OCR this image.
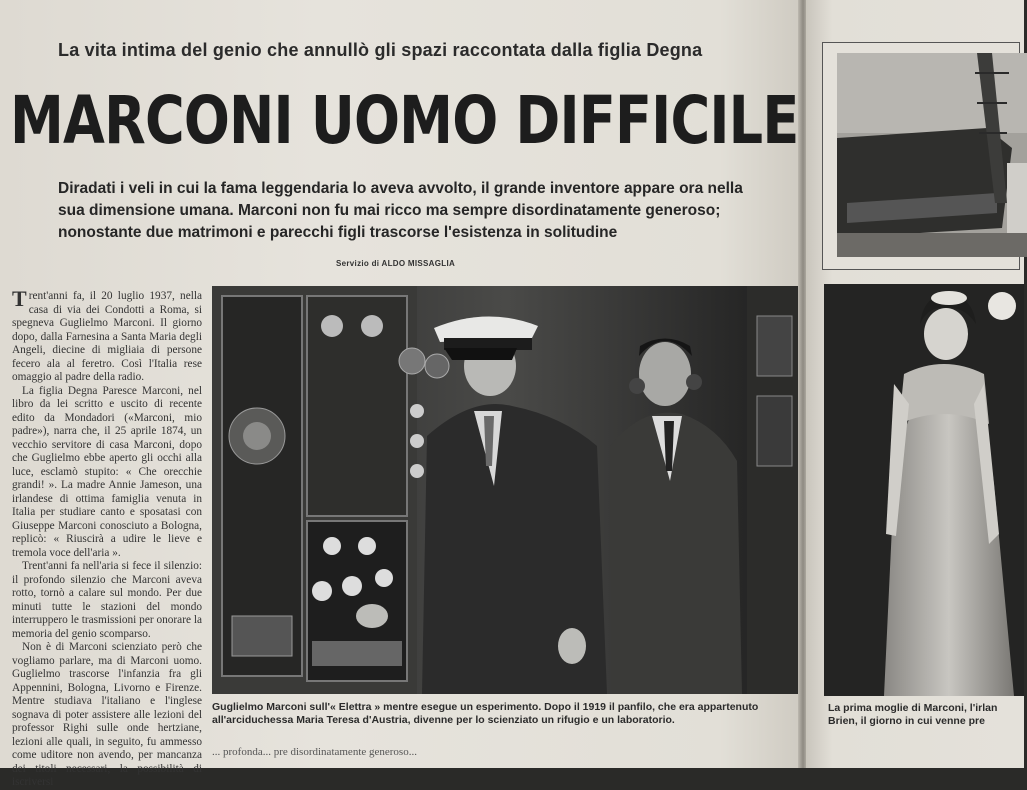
La vita intima del genio che annullò gli spazi raccontata dalla figlia Degna
MARCONI UOMO DIFFICILE
Diradati i veli in cui la fama leggendaria lo aveva avvolto, il grande inventore appare ora nella sua dimensione umana. Marconi non fu mai ricco ma sempre disordinatamente generoso; nonostante due matrimoni e parecchi figli trascorse l'esistenza in solitudine
Servizio di ALDO MISSAGLIA

Trent'anni fa, il 20 luglio 1937, nella casa di via dei Condotti a Roma, si spegneva Guglielmo Marconi. Il giorno dopo, dalla Farnesina a Santa Maria degli Angeli, diecine di migliaia di persone fecero ala al feretro. Così l'Italia rese omaggio al padre della radio.

La figlia Degna Paresce Marconi, nel libro da lei scritto e uscito di recente edito da Mondadori («Marconi, mio padre»), narra che, il 25 aprile 1874, un vecchio servitore di casa Marconi, dopo che Guglielmo ebbe aperto gli occhi alla luce, esclamò stupito: « Che orecchie grandi! ». La madre Annie Jameson, una irlandese di ottima famiglia venuta in Italia per studiare canto e sposatasi con Giuseppe Marconi conosciuto a Bologna, replicò: « Riuscirà a udire le lieve e tremola voce dell'aria ».

Trent'anni fa nell'aria si fece il silenzio: il profondo silenzio che Marconi aveva rotto, tornò a calare sul mondo. Per due minuti tutte le stazioni del mondo interruppero le trasmissioni per onorare la memoria del genio scomparso.

Non è di Marconi scienziato però che vogliamo parlare, ma di Marconi uomo. Guglielmo trascorse l'infanzia fra gli Appennini, Bologna, Livorno e Firenze. Mentre studiava l'italiano e l'inglese sognava di poter assistere alle lezioni del professor Righi sulle onde hertziane, lezioni alle quali, in seguito, fu ammesso come uditore non avendo, per mancanza dei titoli necessari, la possibilità di iscriversi

Guglielmo Marconi sull'« Elettra » mentre esegue un esperimento. Dopo il 1919 il panfilo, che era appartenuto all'arciduchessa Maria Teresa d'Austria, divenne per lo scienziato un rifugio e un laboratorio.
... profonda... pre disordinatamente generoso...
La prima moglie di Marconi, l'irlan
Brien, il giorno in cui venne pre
